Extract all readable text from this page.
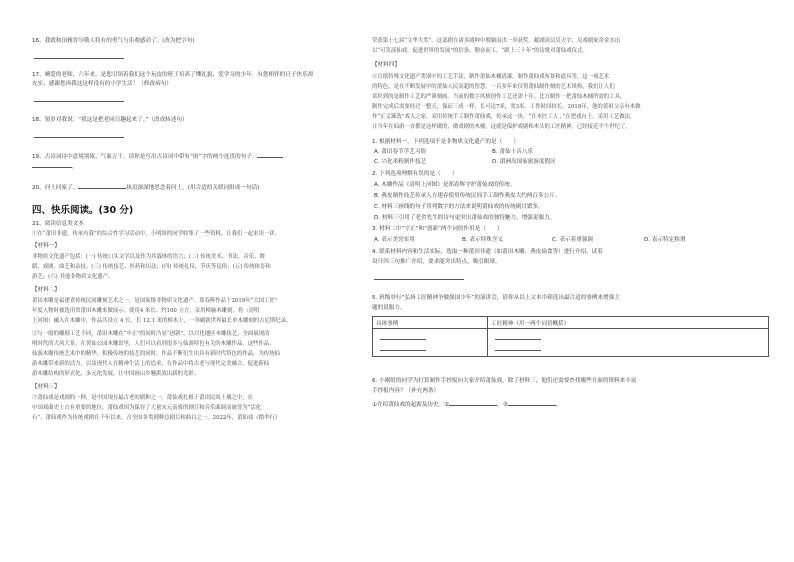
16、我就和田雅晋尔敬人特有的勇气与乐观感动了。(改为把字句)
17、嗨爱的老师，六年来，是您引领着我们这个玩皮的班子培养了懂礼貌、爱学习的少年。有您相伴的日子快乐却
充实，感谢您再我这这样没有的小学生活！（修改病句）
18、舅岁对我说：“我这是把老同日趣起来了。”（改成转述句）
19、古诗词诗中意境别致、气象万千。请你是写出古诗词中带有“雨”字的两个连贯的句子：
，
20、问土回家了。	执语深深地思念着问土。(用合适的关联词组成一句话)
四、快乐阅读。(30 分)
21、阅读信息类文本
①在“莆田非遗，传承有我”的综合性学习活动中，小明组的同学收集了一些资料，让我们一起来读一读。
【材料一】
非物质文化遗产包括：(一) 传统口头文学以及作为其载体的语言；(二) 传统美术、书法、音乐、舞
蹈、戏剧、曲艺和杂技；(三) 传统技艺、医药和历法；(四) 传统礼仪、节庆等民俗；(五) 传统体育和
游艺；(六) 其他非物质文化遗产。
【材料二】
莆田木雕是福建省传统民间雕刻艺术之一，是国家级非物质文化遗产。郑春辉作品于2019年“大国工匠”
年度人物时被选用省莆田木雕来做展示。使用4 米长、约100 立方，采用樟脑木雕刻，将（清明
上河图）融入在木雕中，作品共设立 4 长，长 12.1 米的樟木上，一举刷新世界最长单木雕刻的吉尼斯纪录。
②与一般的雕刻工艺不同，莆田木雕在“中正”的同时凸显“创新”，以兴化地区木雕技艺，全面展现清
明时代的大风大景。在黄仙公园木雕馆里，人们可以看到很多与仙游特色有关的木雕作品，这些作品，
仙游木雕传统艺术中的精华，积极传统的技艺的同时，作品不断衍生出具有新时代特色的作品，为传统仙
游木雕带来新的活力，以及现代人在精神生活上的追求，在作品中将古老与现代完美融合，促进新仙
游木雕结构的形式化、多元化发展，让中国画山乡魅派放出新的光彩。
【材料三】
③莆仙戏是戏剧的一种，是中国现存最古老的剧种之一。莆仙戏扎根于莆田民间土壤之中，在
中国戏曲史上占有重要的地位。莆仙戏因为保存了大量宋元南戏的剧目和音乐曲调而被誉为“活化
石”。莆仙戏作为传统戏剧在千年以来，占全国各类剧种总剧目和曲目之一。2022年，莆仙戏《踏伞行》
荣获第十七届“文华大奖”。这部剧在诸多剧种中脱颖而出一举获奖。献剧演员吴天宇、吴戏剧家余金水出
以“可笑演仙戏，促进世界的发展”的信条，勤奋而工，“跟上三十年”的诗歌对莆仙戏仪式。
【材料四】
④宣纸特殊文化遗产类别中的工艺手法，制作莆仙木桶清漆，制作莆仙戏布景和道具等，这一项艺术
的特色，是在不断发展中的莆仙人民高超的智慧，一百多年来仅得莆仙制作刻的艺术风格，我们让人们
赏识到的是制作工艺的严谨刻画。当前的数字风格创作工艺还需十年。比方制作一把莆仙木桶所需的工具，
制作完成后需要经过一整天，保证三成一样，长可达7米，宽3米。工作时间较长，2018年，他的黄祖父亲有木做
作“正义臻选”戏人之家，采用传统手工制作莆仙戏，传承这一块。“在木匠工人 ，”在把戏台上，采用工艺做法，
让当年在仙游一直都是这样做的，做戏剧的木桶，这就是保护戏剧和木头的工匠精神，已经接近半个世纪了。
1. 根据材料一，下列选项不是非物质文化遗产的是（　　）
A. 莆田春节学艺习俗	B. 莆仙十音八乐
C. 兴化米粉制作技艺	D. 湄洲岛国家旅游度假区
2. 下列选项理解有误的是（　　）
A. 木雕作品《清明上河图》是郑春辉守护莆仙戏的传统。
B. 燕皮制作技艺传承人方建春使用传统民间手工制作燕皮大约两百多公斤。
C. 材料三画线的句子用列数字的方法来说明莆仙戏的传统剧目繁多。
D. 材料三引用了老舍先生的诗句更突出莆仙戏的独特魅力，增强说服力。
3. 材料二中“守正”和“创新”两个词的作用是（　　）
A. 表示美誉实用	B. 表示特殊含义	C. 表示着重强调	D. 表示特定称谓
4. 联系材料内容和生活实际，选取一种莆田非遗（如莆田木雕、燕皮扁食等）进行介绍，试着
设计四三句推广介绍，要求能突出特点，吸引眼球。
5. 班级举行“弘扬工匠精神争做强国少年”的演讲会，请你从以上文本中筛选出最合适的事例来增强主
题的说服力。
具体事例	工匠精神（用一两个词语概括）

6. 小刚组的同学为打算制作手抄报向大家介绍莆仙戏，除了材料三，他们还需要查找哪些方面的资料来丰富
手抄报内容？（补充两条）
①介绍莆仙戏的起源及历史。②	。③	。
